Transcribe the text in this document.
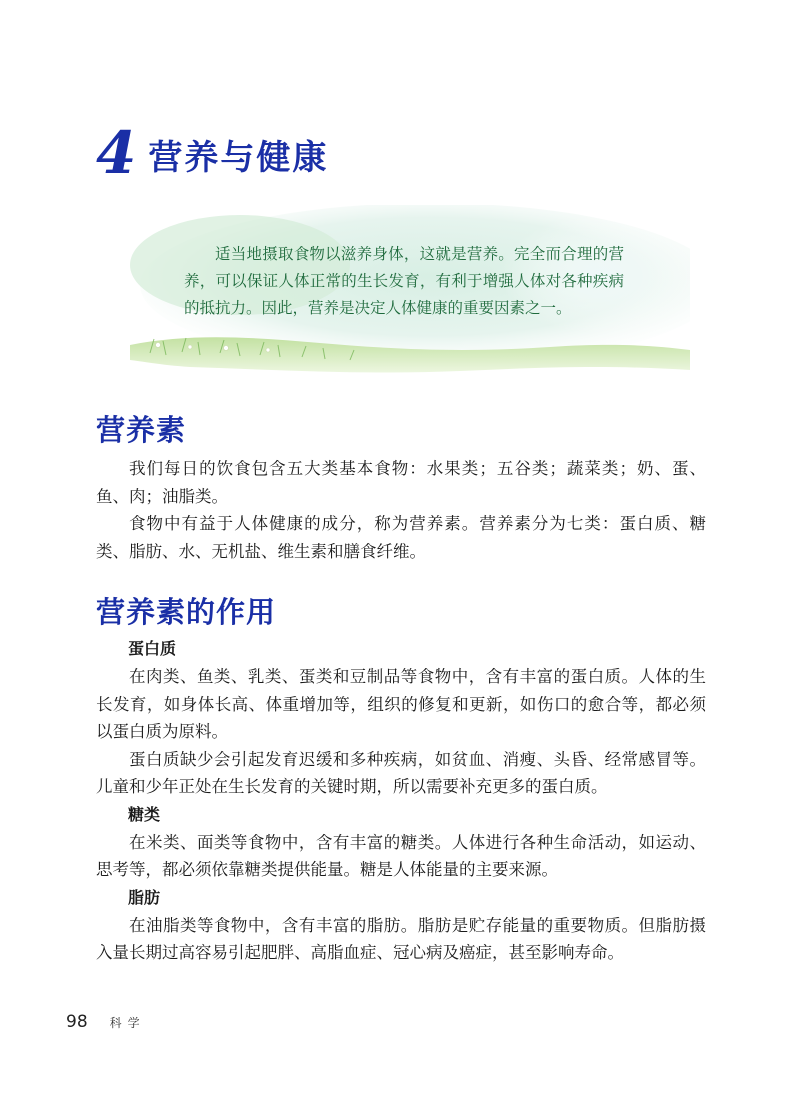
4 营养与健康

适当地摄取食物以滋养身体，这就是营养。完全而合理的营养，可以保证人体正常的生长发育，有利于增强人体对各种疾病的抵抗力。因此，营养是决定人体健康的重要因素之一。

营养素

我们每日的饮食包含五大类基本食物：水果类；五谷类；蔬菜类；奶、蛋、鱼、肉；油脂类。

食物中有益于人体健康的成分，称为营养素。营养素分为七类：蛋白质、糖类、脂肪、水、无机盐、维生素和膳食纤维。

营养素的作用
蛋白质

在肉类、鱼类、乳类、蛋类和豆制品等食物中，含有丰富的蛋白质。人体的生长发育，如身体长高、体重增加等，组织的修复和更新，如伤口的愈合等，都必须以蛋白质为原料。

蛋白质缺少会引起发育迟缓和多种疾病，如贫血、消瘦、头昏、经常感冒等。儿童和少年正处在生长发育的关键时期，所以需要补充更多的蛋白质。

糖类

在米类、面类等食物中，含有丰富的糖类。人体进行各种生命活动，如运动、思考等，都必须依靠糖类提供能量。糖是人体能量的主要来源。

脂肪

在油脂类等食物中，含有丰富的脂肪。脂肪是贮存能量的重要物质。但脂肪摄入量长期过高容易引起肥胖、高脂血症、冠心病及癌症，甚至影响寿命。

98 科学
